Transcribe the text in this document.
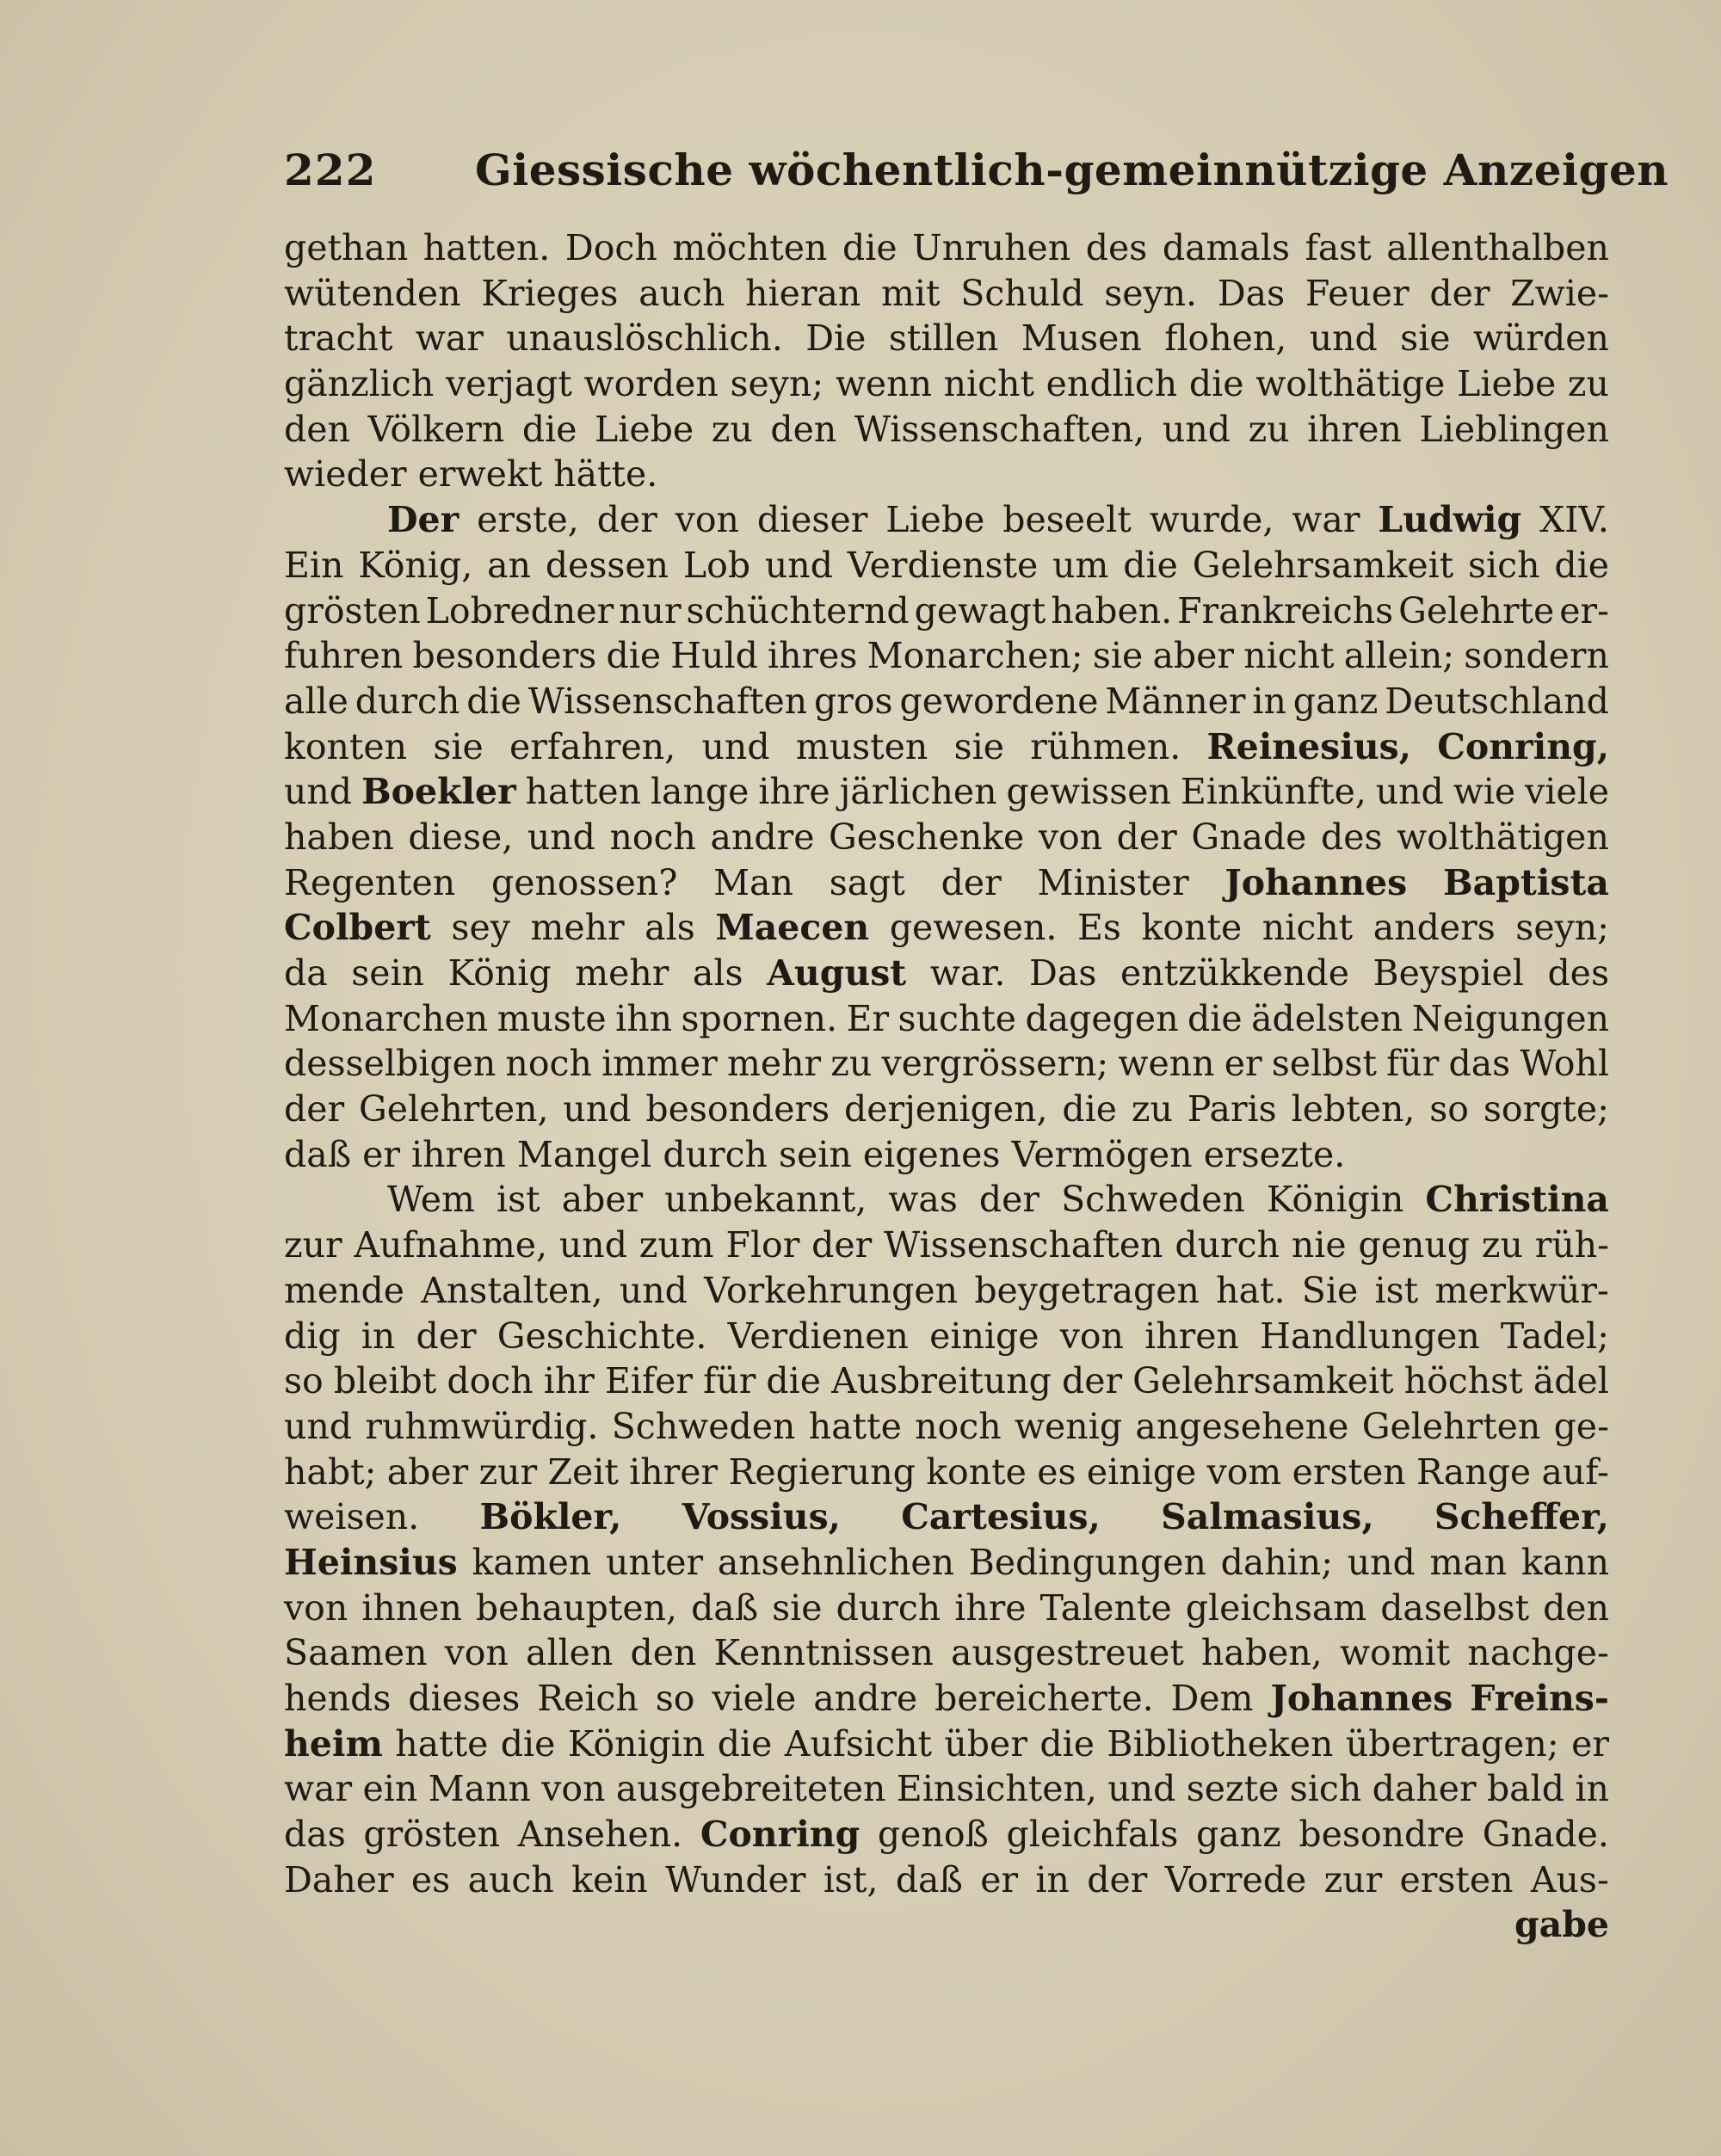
222 Giessische wöchentlich-gemeinnützige Anzeigen
gethan hatten. Doch möchten die Unruhen des damals fast allenthalben
wütenden Krieges auch hieran mit Schuld seyn. Das Feuer der Zwie-
tracht war unauslöschlich. Die stillen Musen flohen, und sie würden
gänzlich verjagt worden seyn; wenn nicht endlich die wolthätige Liebe zu
den Völkern die Liebe zu den Wissenschaften, und zu ihren Lieblingen
wieder erwekt hätte.
Der erste, der von dieser Liebe beseelt wurde, war Ludwig XIV.
Ein König, an dessen Lob und Verdienste um die Gelehrsamkeit sich die
grösten Lobredner nur schüchternd gewagt haben. Frankreichs Gelehrte er-
fuhren besonders die Huld ihres Monarchen; sie aber nicht allein; sondern
alle durch die Wissenschaften gros gewordene Männer in ganz Deutschland
konten sie erfahren, und musten sie rühmen. Reinesius, Conring,
und Boekler hatten lange ihre järlichen gewissen Einkünfte, und wie viele
haben diese, und noch andre Geschenke von der Gnade des wolthätigen
Regenten genossen? Man sagt der Minister Johannes Baptista
Colbert sey mehr als Maecen gewesen. Es konte nicht anders seyn;
da sein König mehr als August war. Das entzükkende Beyspiel des
Monarchen muste ihn spornen. Er suchte dagegen die ädelsten Neigungen
desselbigen noch immer mehr zu vergrössern; wenn er selbst für das Wohl
der Gelehrten, und besonders derjenigen, die zu Paris lebten, so sorgte;
daß er ihren Mangel durch sein eigenes Vermögen ersezte.
Wem ist aber unbekannt, was der Schweden Königin Christina
zur Aufnahme, und zum Flor der Wissenschaften durch nie genug zu rüh-
mende Anstalten, und Vorkehrungen beygetragen hat. Sie ist merkwür-
dig in der Geschichte. Verdienen einige von ihren Handlungen Tadel;
so bleibt doch ihr Eifer für die Ausbreitung der Gelehrsamkeit höchst ädel
und ruhmwürdig. Schweden hatte noch wenig angesehene Gelehrten ge-
habt; aber zur Zeit ihrer Regierung konte es einige vom ersten Range auf-
weisen. Bökler, Vossius, Cartesius, Salmasius, Scheffer,
Heinsius kamen unter ansehnlichen Bedingungen dahin; und man kann
von ihnen behaupten, daß sie durch ihre Talente gleichsam daselbst den
Saamen von allen den Kenntnissen ausgestreuet haben, womit nachge-
hends dieses Reich so viele andre bereicherte. Dem Johannes Freins-
heim hatte die Königin die Aufsicht über die Bibliotheken übertragen; er
war ein Mann von ausgebreiteten Einsichten, und sezte sich daher bald in
das grösten Ansehen. Conring genoß gleichfals ganz besondre Gnade.
Daher es auch kein Wunder ist, daß er in der Vorrede zur ersten Aus-
gabe
